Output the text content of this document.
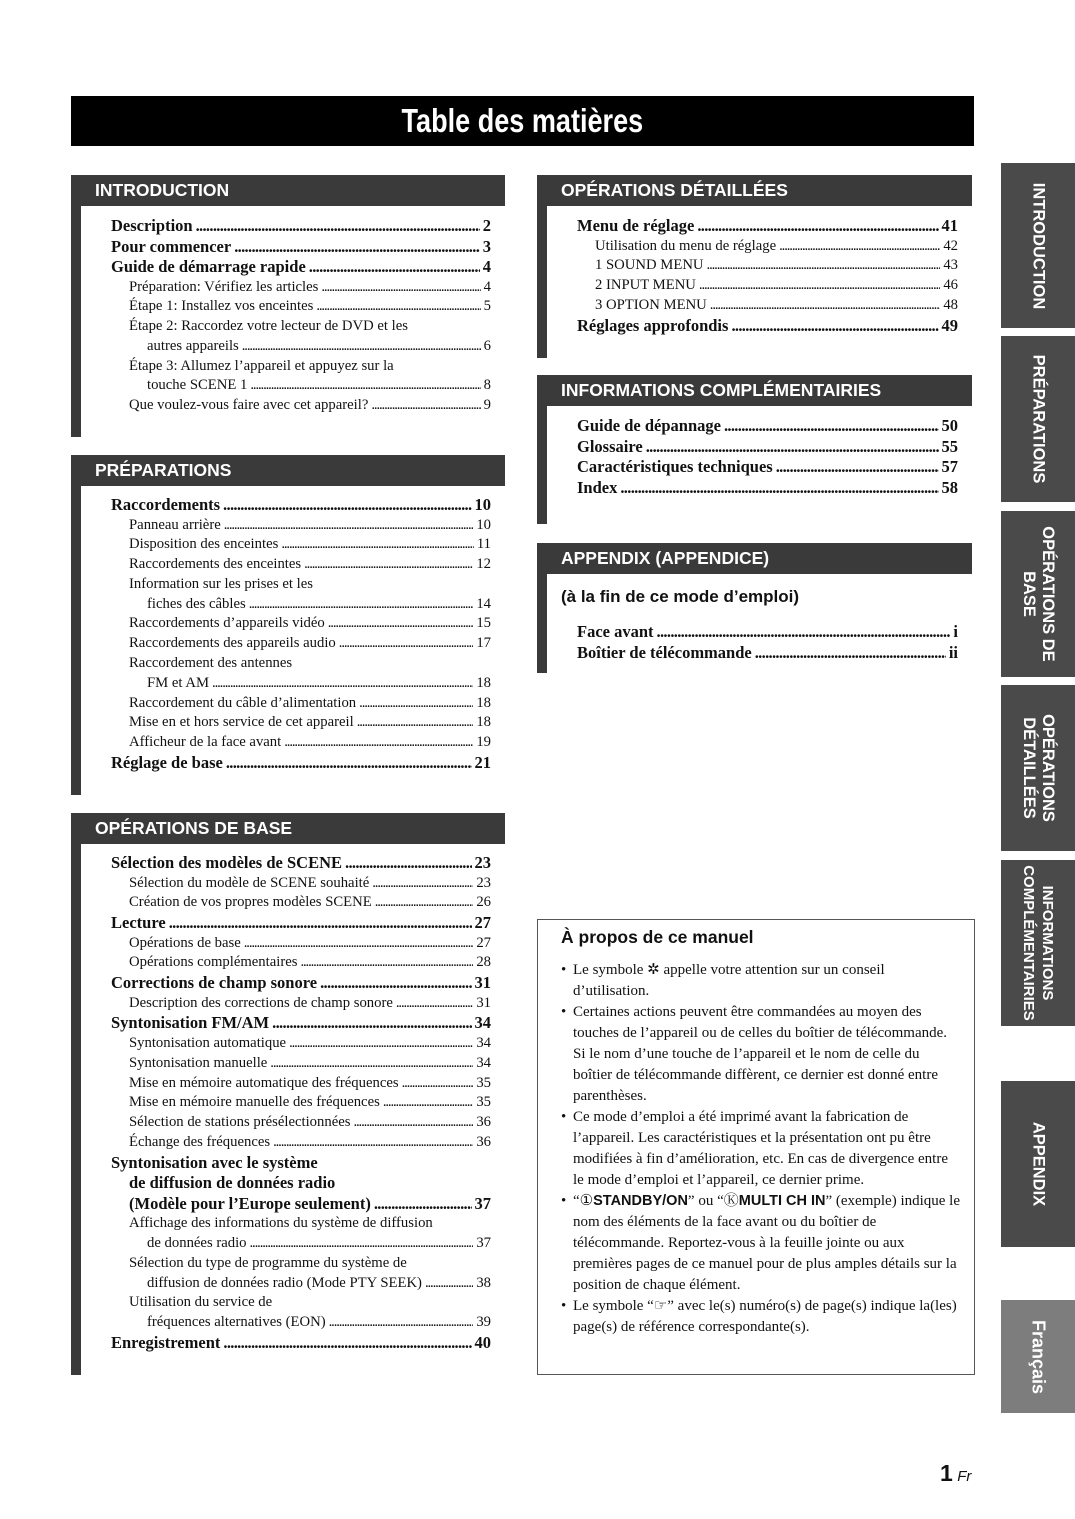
Table des matières
INTRODUCTION
Description . . .	2
Pour commencer . . .	3
Guide de démarrage rapide . . .	4
Préparation: Vérifiez les articles . . .	4
Étape 1: Installez vos enceintes . . .	5
Étape 2: Raccordez votre lecteur de DVD et les
autres appareils . . .	6
Étape 3: Allumez l’appareil et appuyez sur la
touche SCENE 1 . . .	8
Que voulez-vous faire avec cet appareil? . . .	9
PRÉPARATIONS
Raccordements . . .	10
Panneau arrière . . .	10
Disposition des enceintes . . .	11
Raccordements des enceintes . . .	12
Information sur les prises et les
fiches des câbles . . .	14
Raccordements d’appareils vidéo . . .	15
Raccordements des appareils audio . . .	17
Raccordement des antennes
FM et AM . . .	18
Raccordement du câble d’alimentation . . .	18
Mise en et hors service de cet appareil . . .	18
Afficheur de la face avant . . .	19
Réglage de base . . .	21
OPÉRATIONS DE BASE
Sélection des modèles de SCENE . . .	23
Sélection du modèle de SCENE souhaité . . .	23
Création de vos propres modèles SCENE . . .	26
Lecture . . .	27
Opérations de base . . .	27
Opérations complémentaires . . .	28
Corrections de champ sonore . . .	31
Description des corrections de champ sonore . . .	31
Syntonisation FM/AM . . .	34
Syntonisation automatique . . .	34
Syntonisation manuelle . . .	34
Mise en mémoire automatique des fréquences . . .	35
Mise en mémoire manuelle des fréquences . . .	35
Sélection de stations présélectionnées . . .	36
Échange des fréquences . . .	36
Syntonisation avec le système
de diffusion de données radio
(Modèle pour l’Europe seulement) . . .	37
Affichage des informations du système de diffusion
de données radio . . .	37
Sélection du type de programme du système de
diffusion de données radio (Mode PTY SEEK) . . .	38
Utilisation du service de
fréquences alternatives (EON) . . .	39
Enregistrement . . .	40
OPÉRATIONS DÉTAILLÉES
Menu de réglage . . .	41
Utilisation du menu de réglage . . .	42
1 SOUND MENU . . .	43
2 INPUT MENU . . .	46
3 OPTION MENU . . .	48
Réglages approfondis . . .	49
INFORMATIONS COMPLÉMENTAIRIES
Guide de dépannage . . .	50
Glossaire . . .	55
Caractéristiques techniques . . .	57
Index . . .	58
APPENDIX (APPENDICE)
(à la fin de ce mode d’emploi)
Face avant . . .	i
Boîtier de télécommande . . .	ii
À propos de ce manuel
• Le symbole ✲ appelle votre attention sur un conseil d’utilisation.
• Certaines actions peuvent être commandées au moyen des touches de l’appareil ou de celles du boîtier de télécommande. Si le nom d’une touche de l’appareil et le nom de celle du boîtier de télécommande diffèrent, ce dernier est donné entre parenthèses.
• Ce mode d’emploi a été imprimé avant la fabrication de l’appareil. Les caractéristiques et la présentation ont pu être modifiées à fin d’amélioration, etc. En cas de divergence entre le mode d’emploi et l’appareil, ce dernier prime.
• “①STANDBY/ON” ou “ⓀMULTI CH IN” (exemple) indique le nom des éléments de la face avant ou du boîtier de télécommande. Reportez-vous à la feuille jointe ou aux premières pages de ce manuel pour de plus amples détails sur la position de chaque élément.
• Le symbole “☞” avec le(s) numéro(s) de page(s) indique la(les) page(s) de référence correspondante(s).
INTRODUCTION
PRÉPARATIONS
OPÉRATIONS DE
BASE
OPÉRATIONS
DÉTAILLÉES
INFORMATIONS
COMPLÉMENTAIRIES
APPENDIX
Français
1 Fr
